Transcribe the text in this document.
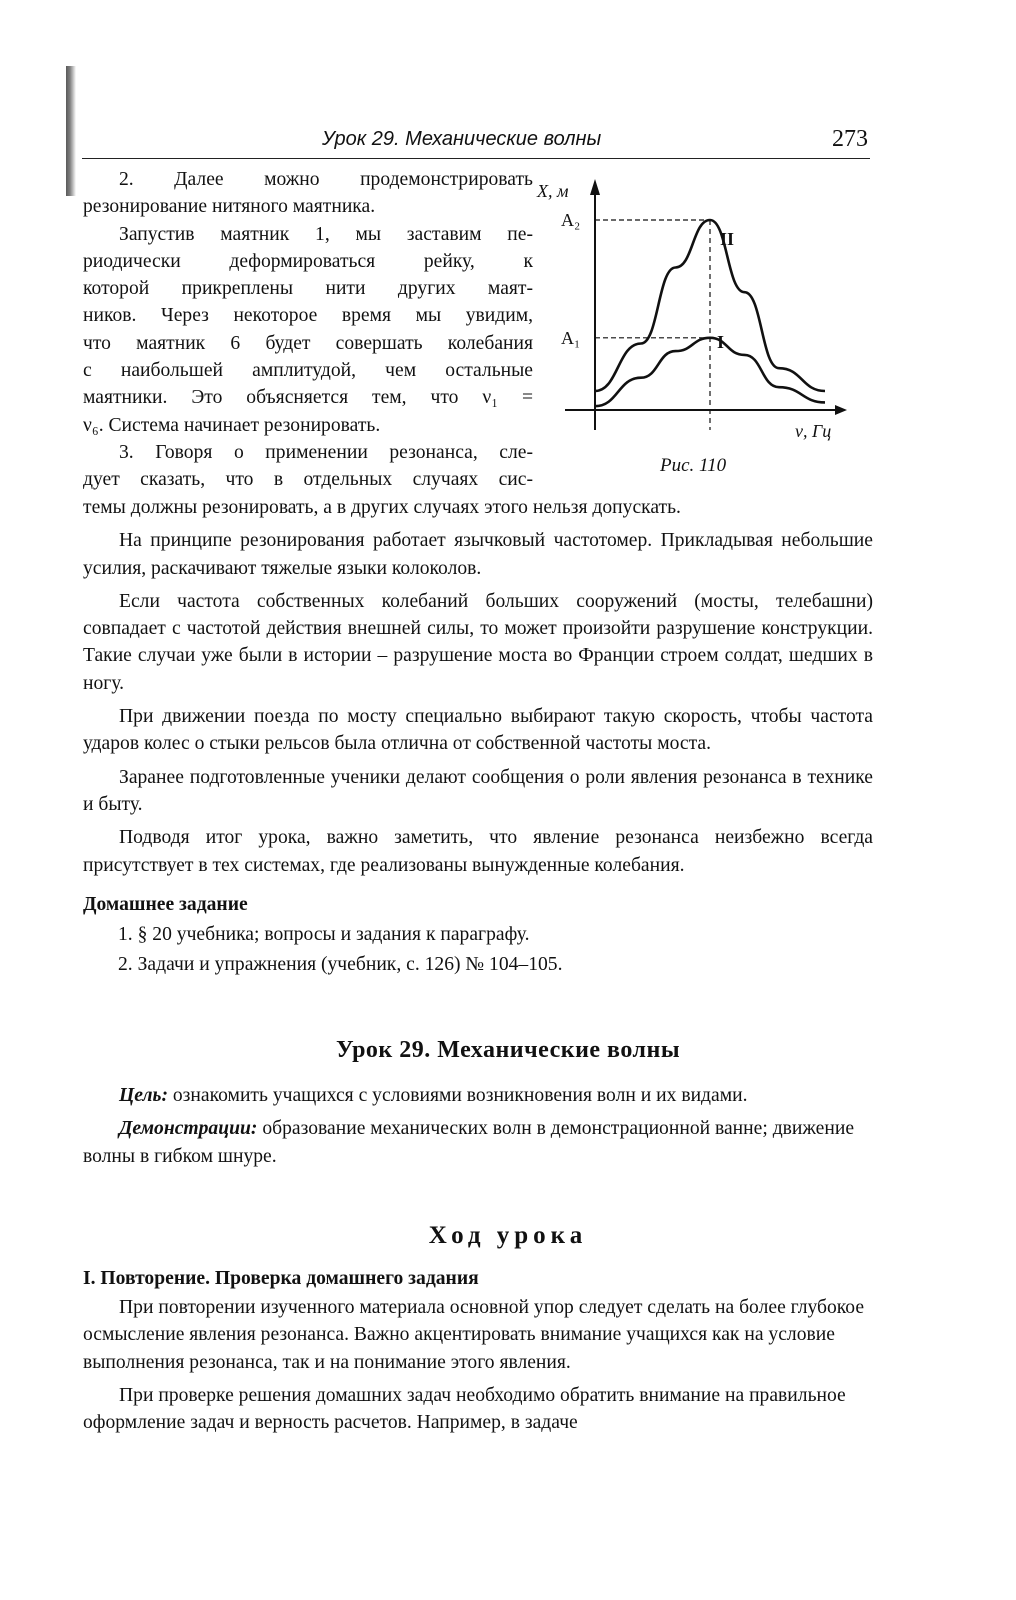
Урок 29. Механические волны	273
2. Далее можно продемонстрировать
резонирование нитяного маятника.
Запустив маятник 1, мы заставим пе-
риодически деформироваться рейку, к
которой прикреплены нити других маят-
ников. Через некоторое время мы увидим,
что маятник 6 будет совершать колебания
с наибольшей амплитудой, чем остальные
маятники. Это объясняется тем, что ν₁ =
ν₆. Система начинает резонировать.
3. Говоря о применении резонанса, сле-
дует сказать, что в отдельных случаях сис-
X, м
ν, Гц
A₂
A₁
II
I
Рис. 110

темы должны резонировать, а в других случаях этого нельзя допускать.

На принципе резонирования работает язычковый частотомер. Прикладывая небольшие усилия, раскачивают тяжелые языки колоколов.

Если частота собственных колебаний больших сооружений (мосты, телебашни) совпадает с частотой действия внешней силы, то может произойти разрушение конструкции. Такие случаи уже были в истории – разрушение моста во Франции строем солдат, шедших в ногу.

При движении поезда по мосту специально выбирают такую скорость, чтобы частота ударов колес о стыки рельсов была отлична от собственной частоты моста.

Заранее подготовленные ученики делают сообщения о роли явления резонанса в технике и быту.

Подводя итог урока, важно заметить, что явление резонанса неизбежно всегда присутствует в тех системах, где реализованы вынужденные колебания.

Домашнее задание
1. § 20 учебника; вопросы и задания к параграфу.
2. Задачи и упражнения (учебник, с. 126) № 104–105.
Урок 29. Механические волны

Цель: ознакомить учащихся с условиями возникновения волн и их видами.

Демонстрации: образование механических волн в демонстрационной ванне; движение волны в гибком шнуре.

Ход урока
I. Повторение. Проверка домашнего задания

При повторении изученного материала основной упор следует сделать на более глубокое осмысление явления резонанса. Важно акцентировать внимание учащихся как на условие выполнения резонанса, так и на понимание этого явления.

При проверке решения домашних задач необходимо обратить внимание на правильное оформление задач и верность расчетов. Например, в задаче
